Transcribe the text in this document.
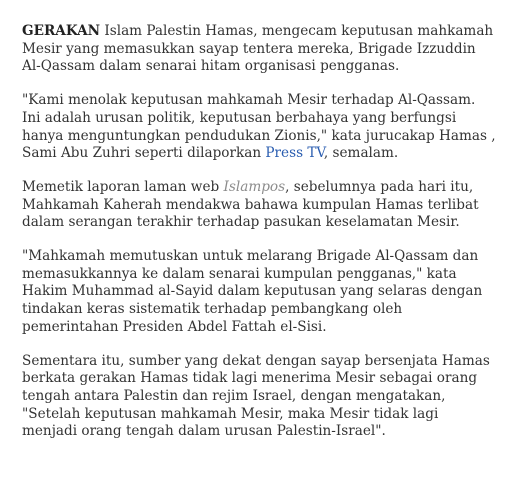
GERAKAN Islam Palestin Hamas, mengecam keputusan mahkamah Mesir yang memasukkan sayap tentera mereka, Brigade Izzuddin Al-Qassam dalam senarai hitam organisasi pengganas.

"Kami menolak keputusan mahkamah Mesir terhadap Al-Qassam. Ini adalah urusan politik, keputusan berbahaya yang berfungsi hanya menguntungkan pendudukan Zionis," kata jurucakap Hamas , Sami Abu Zuhri seperti dilaporkan Press TV, semalam.

Memetik laporan laman web Islampos, sebelumnya pada hari itu, Mahkamah Kaherah mendakwa bahawa kumpulan Hamas terlibat dalam serangan terakhir terhadap pasukan keselamatan Mesir.

"Mahkamah memutuskan untuk melarang Brigade Al-Qassam dan memasukkannya ke dalam senarai kumpulan pengganas," kata Hakim Muhammad al-Sayid dalam keputusan yang selaras dengan tindakan keras sistematik terhadap pembangkang oleh pemerintahan Presiden Abdel Fattah el-Sisi.

Sementara itu, sumber yang dekat dengan sayap bersenjata Hamas berkata gerakan Hamas tidak lagi menerima Mesir sebagai orang tengah antara Palestin dan rejim Israel, dengan mengatakan, "Setelah keputusan mahkamah Mesir, maka Mesir tidak lagi menjadi orang tengah dalam urusan Palestin-Israel".
